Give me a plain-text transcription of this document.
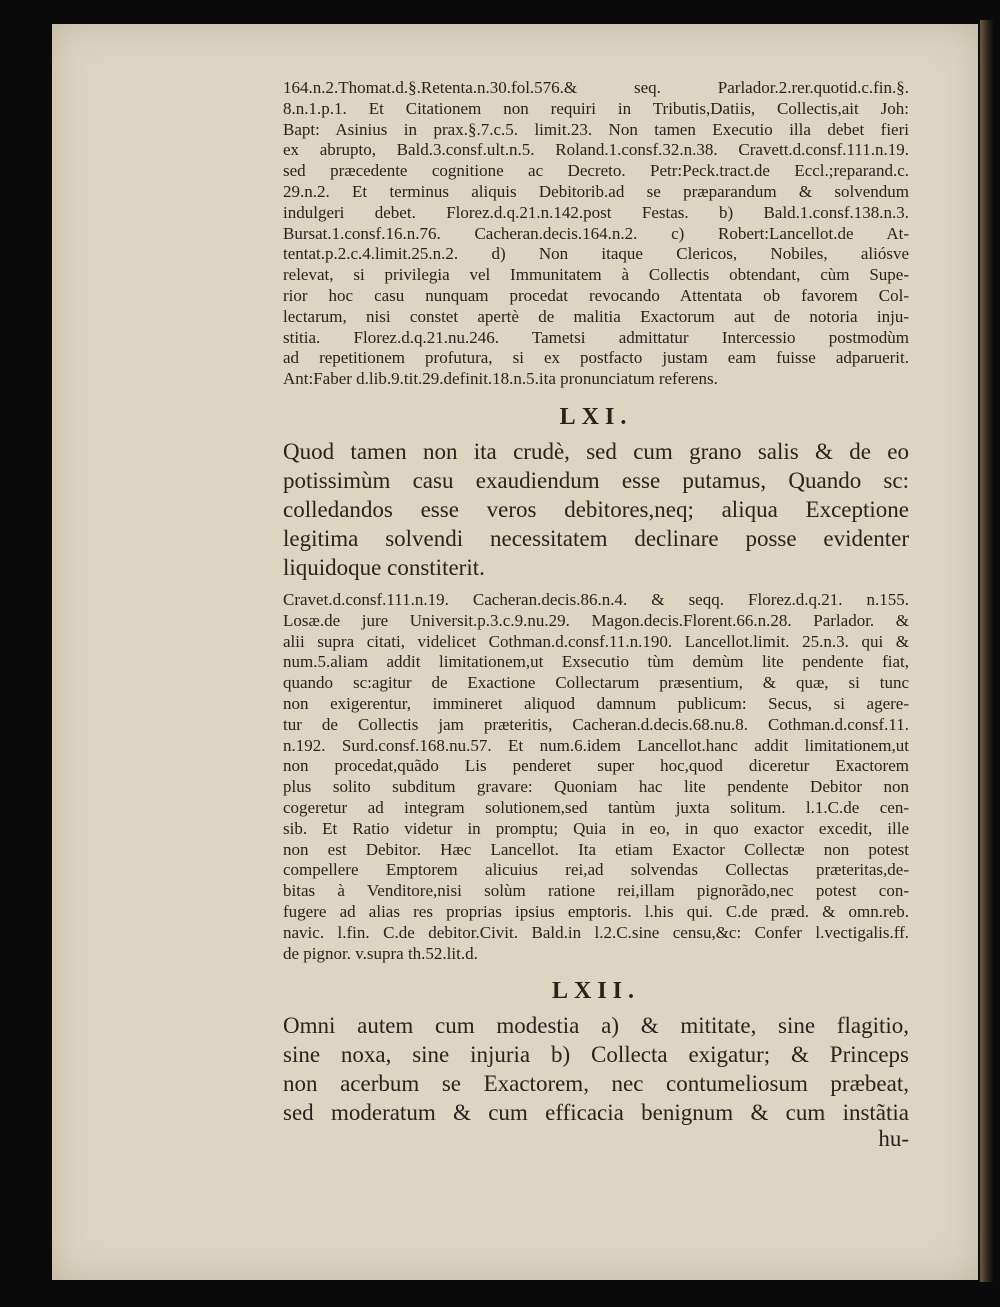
164.n.2.Thomat.d.§.Retenta.n.30.fol.576.& seq. Parlador.2.rer.quotid.c.fin.§.

8.n.1.p.1. Et Citationem non requiri in Tributis,Datiis, Collectis,ait Joh:

Bapt: Asinius in prax.§.7.c.5. limit.23. Non tamen Executio illa debet fieri

ex abrupto, Bald.3.consf.ult.n.5. Roland.1.consf.32.n.38. Cravett.d.consf.111.n.19.

sed præcedente cognitione ac Decreto. Petr:Peck.tract.de Eccl.;reparand.c.

29.n.2. Et terminus aliquis Debitorib.ad se præparandum & solvendum

indulgeri debet. Florez.d.q.21.n.142.post Festas. b) Bald.1.consf.138.n.3.

Bursat.1.consf.16.n.76. Cacheran.decis.164.n.2. c) Robert:Lancellot.de At-

tentat.p.2.c.4.limit.25.n.2. d) Non itaque Clericos, Nobiles, aliósve

relevat, si privilegia vel Immunitatem à Collectis obtendant, cùm Supe-

rior hoc casu nunquam procedat revocando Attentata ob favorem Col-

lectarum, nisi constet apertè de malitia Exactorum aut de notoria inju-

stitia. Florez.d.q.21.nu.246. Tametsi admittatur Intercessio postmodùm

ad repetitionem profutura, si ex postfacto justam eam fuisse adparuerit.

Ant:Faber d.lib.9.tit.29.definit.18.n.5.ita pronunciatum referens.

LXI.

Quod tamen non ita crudè, sed cum grano salis & de eo

potissimùm casu exaudiendum esse putamus, Quando sc:

colledandos esse veros debitores,neq; aliqua Exceptione

legitima solvendi necessitatem declinare posse evidenter

liquidoque constiterit.

Cravet.d.consf.111.n.19. Cacheran.decis.86.n.4. & seqq. Florez.d.q.21. n.155.

Losæ.de jure Universit.p.3.c.9.nu.29. Magon.decis.Florent.66.n.28. Parlador. &

alii supra citati, videlicet Cothman.d.consf.11.n.190. Lancellot.limit. 25.n.3. qui &

num.5.aliam addit limitationem,ut Exsecutio tùm demùm lite pendente fiat,

quando sc:agitur de Exactione Collectarum præsentium, & quæ, si tunc

non exigerentur, immineret aliquod damnum publicum: Secus, si agere-

tur de Collectis jam præteritis, Cacheran.d.decis.68.nu.8. Cothman.d.consf.11.

n.192. Surd.consf.168.nu.57. Et num.6.idem Lancellot.hanc addit limitationem,ut

non procedat,quãdo Lis penderet super hoc,quod diceretur Exactorem

plus solito subditum gravare: Quoniam hac lite pendente Debitor non

cogeretur ad integram solutionem,sed tantùm juxta solitum. l.1.C.de cen-

sib. Et Ratio videtur in promptu; Quia in eo, in quo exactor excedit, ille

non est Debitor. Hæc Lancellot. Ita etiam Exactor Collectæ non potest

compellere Emptorem alicuius rei,ad solvendas Collectas prætеritas,de-

bitas à Venditore,nisi solùm ratione rei,illam pignorãdo,nec potest con-

fugere ad alias res proprias ipsius emptoris. l.his qui. C.de præd. & omn.reb.

navic. l.fin. C.de debitor.Civit. Bald.in l.2.C.sine censu,&c: Confer l.vectigalis.ff.

de pignor. v.supra th.52.lit.d.

LXII.

Omni autem cum modestia a) & mititate, sine flagitio,

sine noxa, sine injuria b) Collecta exigatur; & Princeps

non acerbum se Exactorem, nec contumeliosum præbeat,

sed moderatum & cum efficacia benignum & cum instãtia

hu-
